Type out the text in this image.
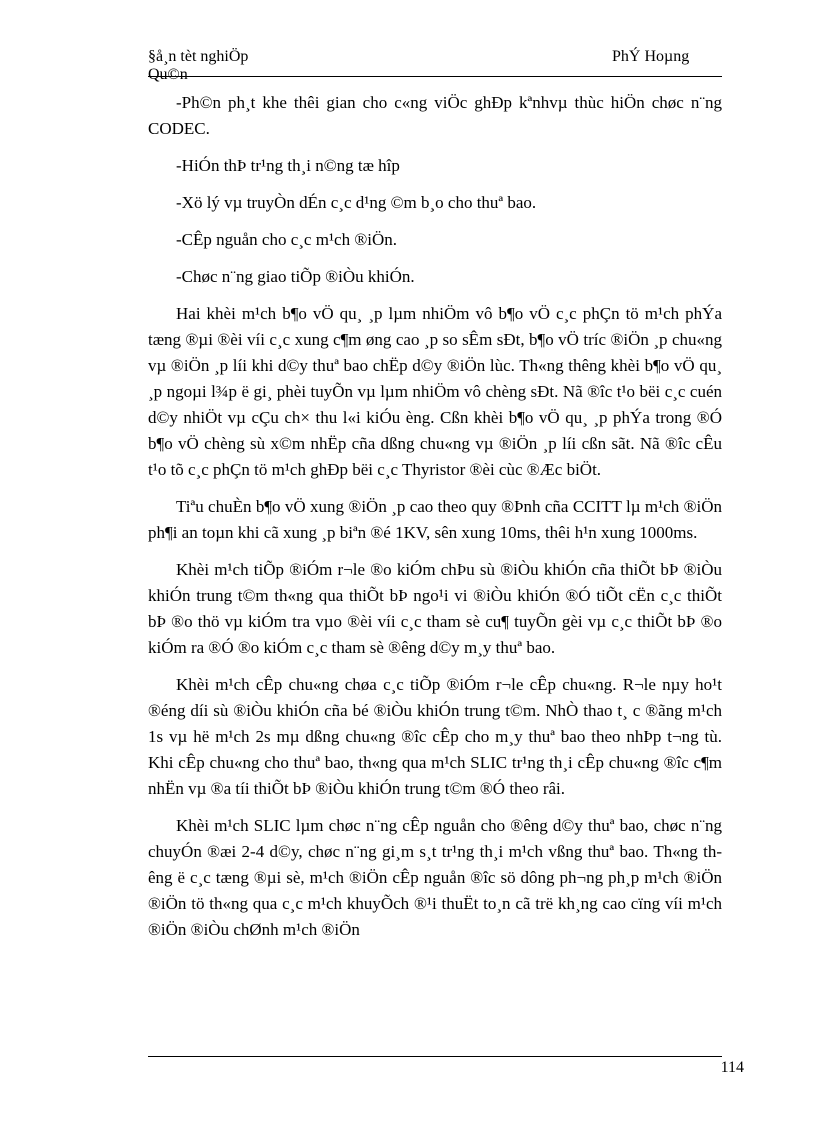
§å¸n tèt nghiÖp
Qu©n
PhÝ Hoµng

-Ph©n ph¸t khe thêi gian cho c«ng viÖc ghÐp kªnhvµ thùc hiÖn chøc n¨ng CODEC.

-HiÓn thÞ tr¹ng th¸i n©ng tæ hîp

-Xö lý vµ truyÒn dÉn c¸c d¹ng ©m b¸o cho thuª bao.

-CÊp nguån cho c¸c m¹ch ®iÖn.

-Chøc n¨ng giao tiÕp ®iÒu khiÓn.

Hai khèi m¹ch b¶o vÖ qu¸ ¸p lµm nhiÖm vô b¶o vÖ c¸c phÇn tö m¹ch phÝa tæng ®µi ®èi víi c¸c xung c¶m øng cao ¸p so sÊm sÐt, b¶o vÖ tríc ®iÖn ¸p chu«ng vµ ®iÖn ¸p líi khi d©y thuª bao chËp d©y ®iÖn lùc. Th«ng thêng khèi b¶o vÖ qu¸ ¸p ngoµi l¾p ë gi¸ phèi tuyÕn vµ lµm nhiÖm vô chèng sÐt. Nã ®îc t¹o bëi c¸c cuén d©y nhiÖt vµ cÇu ch× thu l«i kiÓu èng. Cßn khèi b¶o vÖ qu¸ ¸p phÝa trong ®Ó b¶o vÖ chèng sù x©m nhËp cña dßng chu«ng vµ ®iÖn ¸p líi cßn sãt. Nã ®îc cÊu t¹o tõ c¸c phÇn tö m¹ch ghÐp bëi c¸c Thyristor ®èi cùc ®Æc biÖt.

Tiªu chuÈn b¶o vÖ xung ®iÖn ¸p cao theo quy ®Þnh cña CCITT lµ m¹ch ®iÖn ph¶i an toµn khi cã xung ¸p biªn ®é 1KV, sên xung 10ms, thêi h¹n xung 1000ms.

Khèi m¹ch tiÕp ®iÓm r¬le ®o kiÓm chÞu sù ®iÒu khiÓn cña thiÕt bÞ ®iÒu khiÓn trung t©m th«ng qua thiÕt bÞ ngo¹i vi ®iÒu khiÓn ®Ó tiÕt cËn c¸c thiÕt bÞ ®o thö vµ kiÓm tra vµo ®èi víi c¸c tham sè cu¶ tuyÕn gèi vµ c¸c thiÕt bÞ ®o kiÓm ra ®Ó ®o kiÓm c¸c tham sè ®êng d©y m¸y thuª bao.

Khèi m¹ch cÊp chu«ng chøa c¸c tiÕp ®iÓm r¬le cÊp chu«ng. R¬le nµy ho¹t ®éng díi sù ®iÒu khiÓn cña bé ®iÒu khiÓn trung t©m. NhÒ thao t¸ c ®ãng m¹ch 1s vµ hë m¹ch 2s mµ dßng chu«ng ®îc cÊp cho m¸y thuª bao theo nhÞp t¬ng tù. Khi cÊp chu«ng cho thuª bao, th«ng qua m¹ch SLIC tr¹ng th¸i cÊp chu«ng ®îc c¶m nhËn vµ ®a tíi thiÕt bÞ ®iÒu khiÓn trung t©m ®Ó theo râi.

Khèi m¹ch SLIC lµm chøc n¨ng cÊp nguån cho ®êng d©y thuª bao, chøc n¨ng chuyÓn ®æi 2-4 d©y, chøc n¨ng gi¸m s¸t tr¹ng th¸i m¹ch vßng thuª bao. Th«ng thêng ë c¸c tæng ®µi sè, m¹ch ®iÖn cÊp nguån ®îc sö dông ph¬ng ph¸p m¹ch ®iÖn ®iÖn tö th«ng qua c¸c m¹ch khuyÕch ®¹i thuËt to¸n cã trë kh¸ng cao cïng víi m¹ch ®iÖn ®iÒu chØnh m¹ch ®iÖn

114
